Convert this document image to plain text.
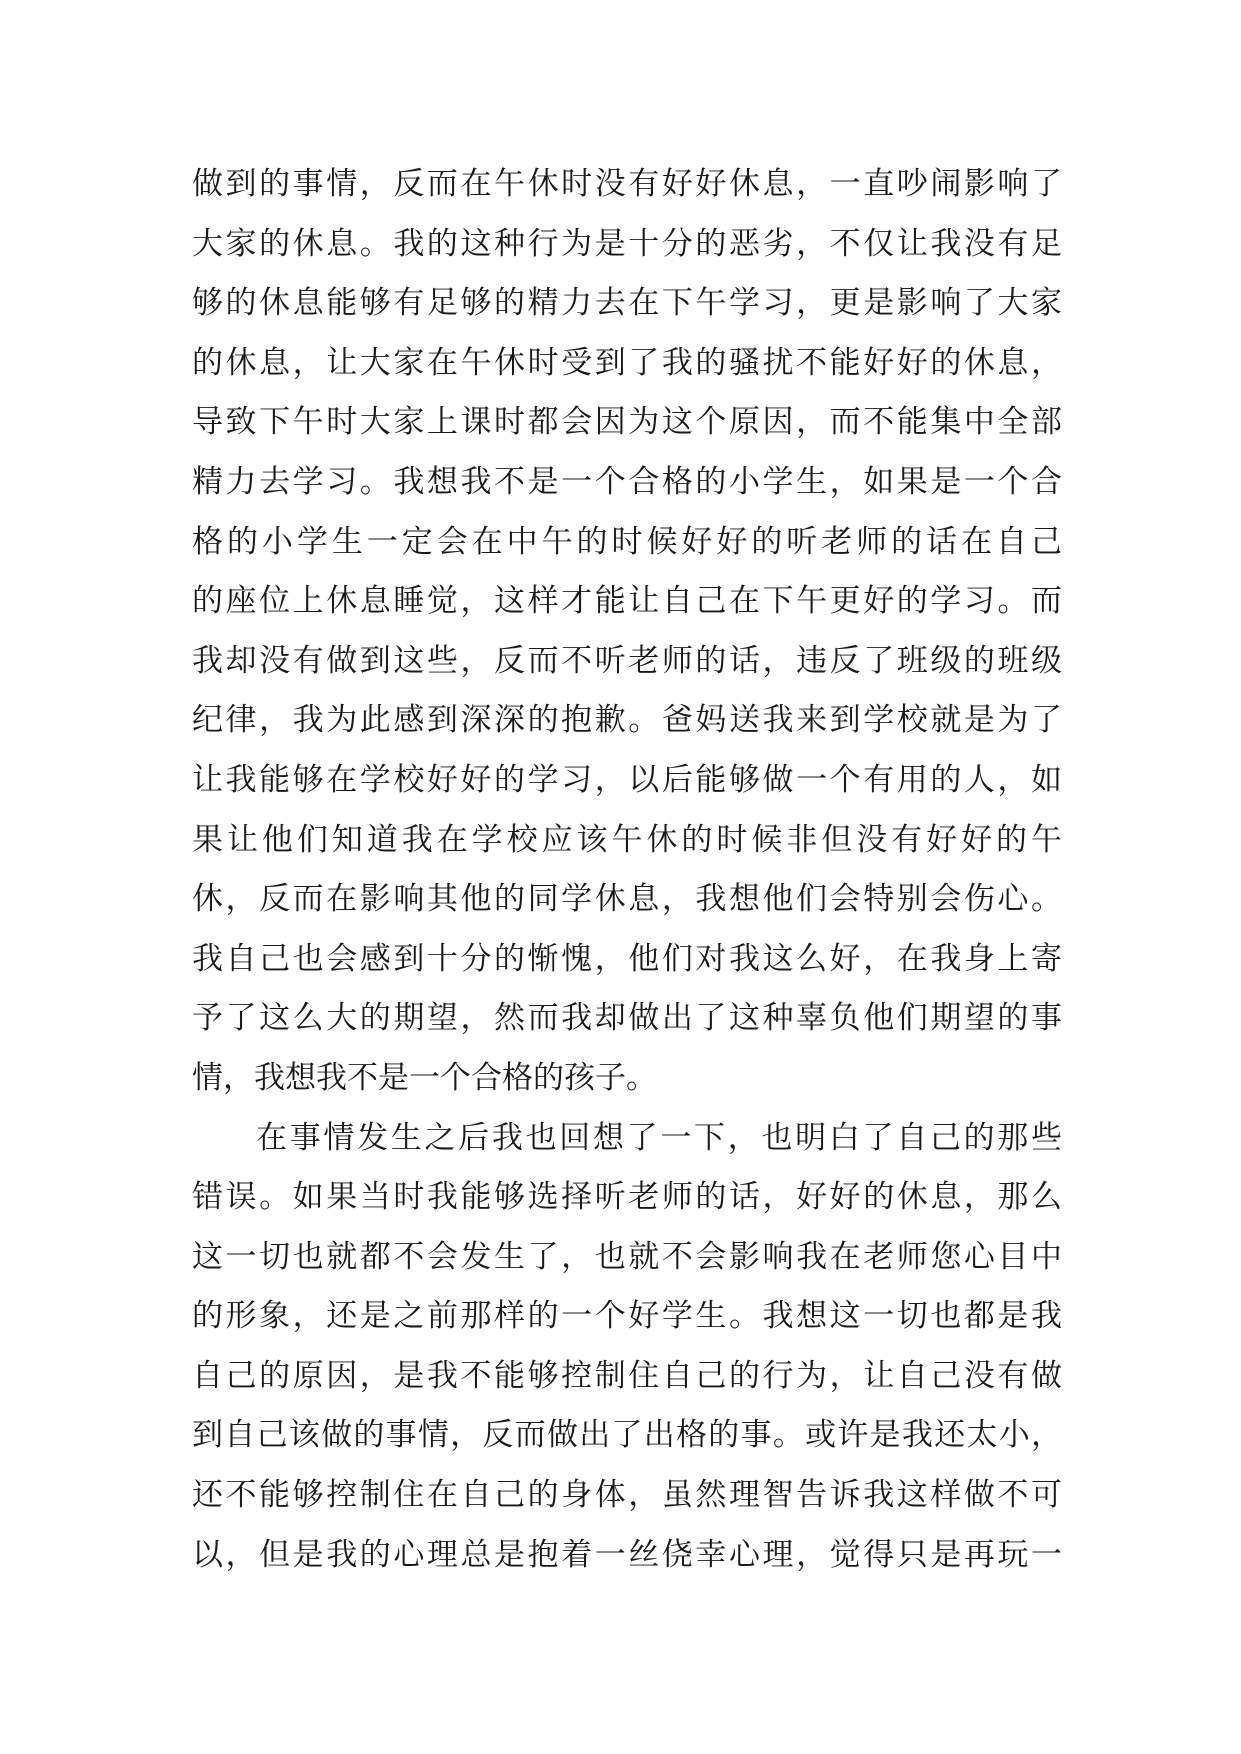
做到的事情，反而在午休时没有好好休息，一直吵闹影响了
大家的休息。我的这种行为是十分的恶劣，不仅让我没有足
够的休息能够有足够的精力去在下午学习，更是影响了大家
的休息，让大家在午休时受到了我的骚扰不能好好的休息，
导致下午时大家上课时都会因为这个原因，而不能集中全部
精力去学习。我想我不是一个合格的小学生，如果是一个合
格的小学生一定会在中午的时候好好的听老师的话在自己
的座位上休息睡觉，这样才能让自己在下午更好的学习。而
我却没有做到这些，反而不听老师的话，违反了班级的班级
纪律，我为此感到深深的抱歉。爸妈送我来到学校就是为了
让我能够在学校好好的学习，以后能够做一个有用的人，如
果让他们知道我在学校应该午休的时候非但没有好好的午
休，反而在影响其他的同学休息，我想他们会特别会伤心。
我自己也会感到十分的惭愧，他们对我这么好，在我身上寄
予了这么大的期望，然而我却做出了这种辜负他们期望的事
情，我想我不是一个合格的孩子。
在事情发生之后我也回想了一下，也明白了自己的那些
错误。如果当时我能够选择听老师的话，好好的休息，那么
这一切也就都不会发生了，也就不会影响我在老师您心目中
的形象，还是之前那样的一个好学生。我想这一切也都是我
自己的原因，是我不能够控制住自己的行为，让自己没有做
到自己该做的事情，反而做出了出格的事。或许是我还太小，
还不能够控制住在自己的身体，虽然理智告诉我这样做不可
以，但是我的心理总是抱着一丝侥幸心理，觉得只是再玩一
